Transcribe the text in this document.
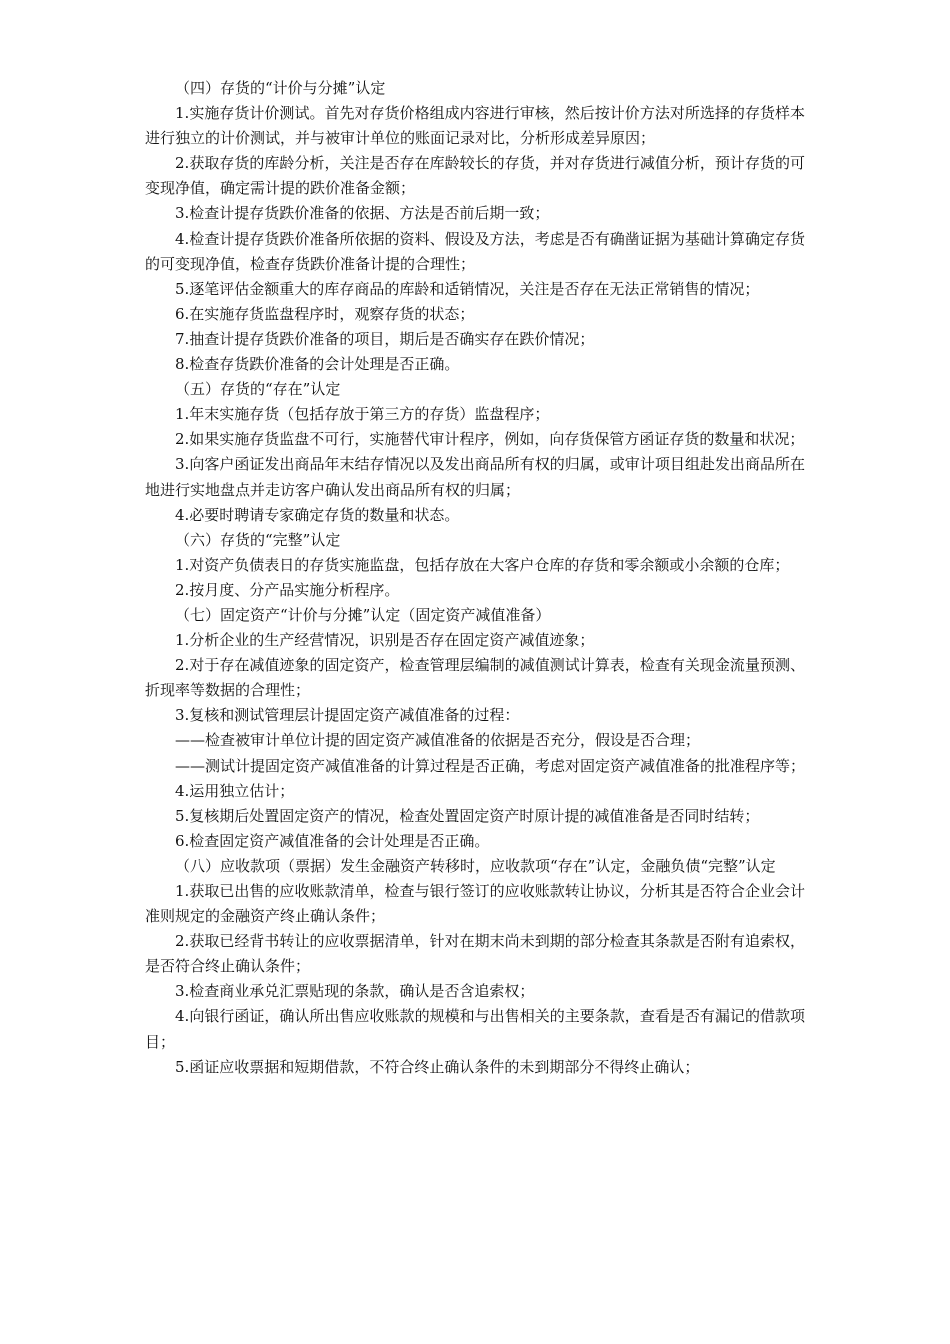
（四）存货的“计价与分摊”认定

1.实施存货计价测试。首先对存货价格组成内容进行审核，然后按计价方法对所选择的存货样本进行独立的计价测试，并与被审计单位的账面记录对比，分析形成差异原因；

2.获取存货的库龄分析，关注是否存在库龄较长的存货，并对存货进行减值分析，预计存货的可变现净值，确定需计提的跌价准备金额；

3.检查计提存货跌价准备的依据、方法是否前后期一致；

4.检查计提存货跌价准备所依据的资料、假设及方法，考虑是否有确凿证据为基础计算确定存货的可变现净值，检查存货跌价准备计提的合理性；

5.逐笔评估金额重大的库存商品的库龄和适销情况，关注是否存在无法正常销售的情况；

6.在实施存货监盘程序时，观察存货的状态；

7.抽查计提存货跌价准备的项目，期后是否确实存在跌价情况；

8.检查存货跌价准备的会计处理是否正确。

（五）存货的“存在”认定

1.年末实施存货（包括存放于第三方的存货）监盘程序；

2.如果实施存货监盘不可行，实施替代审计程序，例如，向存货保管方函证存货的数量和状况；

3.向客户函证发出商品年末结存情况以及发出商品所有权的归属，或审计项目组赴发出商品所在地进行实地盘点并走访客户确认发出商品所有权的归属；

4.必要时聘请专家确定存货的数量和状态。

（六）存货的“完整”认定

1.对资产负债表日的存货实施监盘，包括存放在大客户仓库的存货和零余额或小余额的仓库；

2.按月度、分产品实施分析程序。

（七）固定资产“计价与分摊”认定（固定资产减值准备）

1.分析企业的生产经营情况，识别是否存在固定资产减值迹象；

2.对于存在减值迹象的固定资产，检查管理层编制的减值测试计算表，检查有关现金流量预测、折现率等数据的合理性；

3.复核和测试管理层计提固定资产减值准备的过程：

——检查被审计单位计提的固定资产减值准备的依据是否充分，假设是否合理；

——测试计提固定资产减值准备的计算过程是否正确，考虑对固定资产减值准备的批准程序等；

4.运用独立估计；

5.复核期后处置固定资产的情况，检查处置固定资产时原计提的减值准备是否同时结转；

6.检查固定资产减值准备的会计处理是否正确。

（八）应收款项（票据）发生金融资产转移时，应收款项“存在”认定，金融负债“完整”认定

1.获取已出售的应收账款清单，检查与银行签订的应收账款转让协议，分析其是否符合企业会计准则规定的金融资产终止确认条件；

2.获取已经背书转让的应收票据清单，针对在期末尚未到期的部分检查其条款是否附有追索权，是否符合终止确认条件；

3.检查商业承兑汇票贴现的条款，确认是否含追索权；

4.向银行函证，确认所出售应收账款的规模和与出售相关的主要条款，查看是否有漏记的借款项目；

5.函证应收票据和短期借款，不符合终止确认条件的未到期部分不得终止确认；
